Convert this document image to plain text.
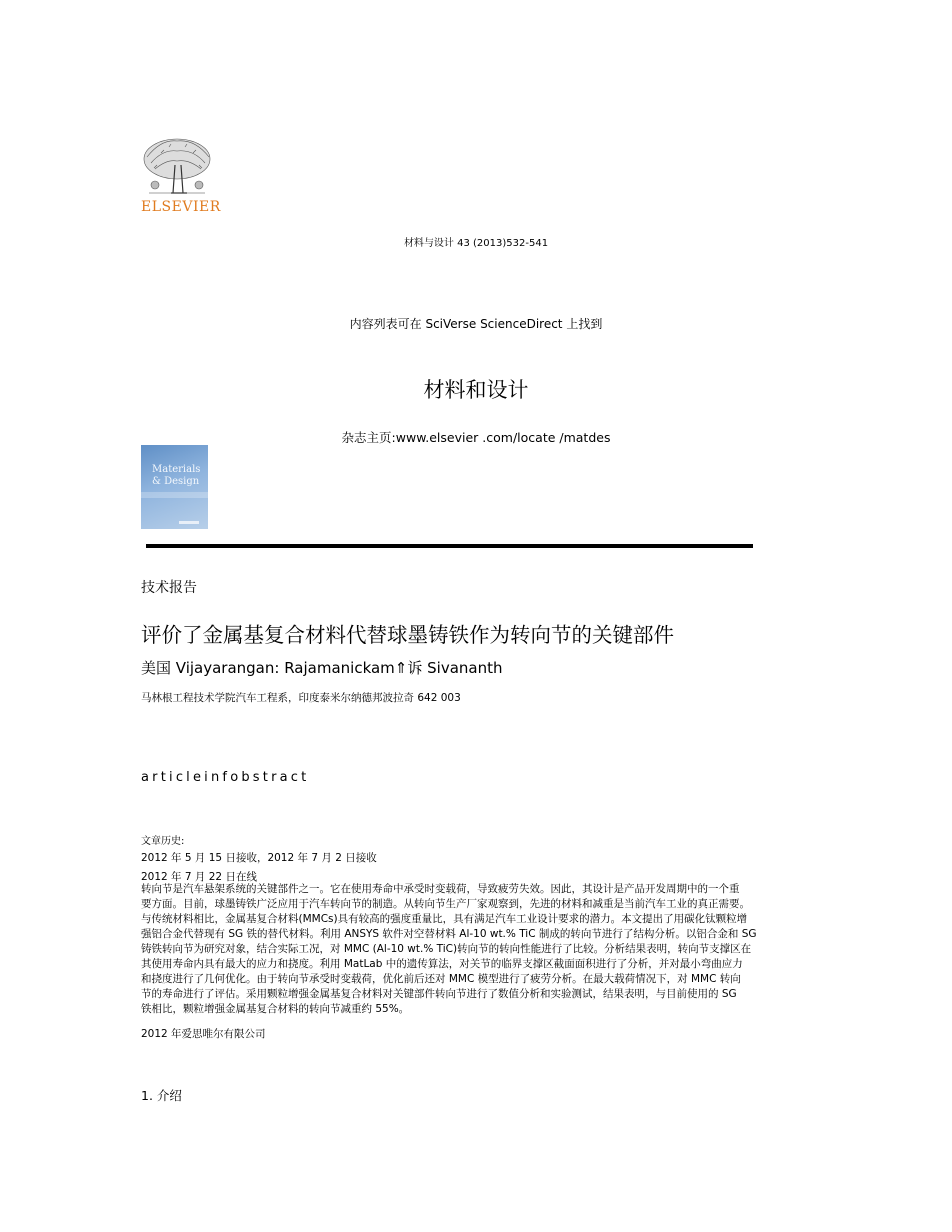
ELSEVIER
材料与设计 43 (2013)532-541
内容列表可在 SciVerse ScienceDirect 上找到
材料和设计
杂志主页:www.elsevier .com/locate /matdes
Materials
& Design
技术报告
评价了金属基复合材料代替球墨铸铁作为转向节的关键部件
美国 Vijayarangan: Rajamanickam⇑诉 Sivananth
马林根工程技术学院汽车工程系，印度泰米尔纳德邦波拉奇 642 003
articleinfobstract
文章历史:
2012 年 5 月 15 日接收，2012 年 7 月 2 日接收
2012 年 7 月 22 日在线
转向节是汽车悬架系统的关键部件之一。它在使用寿命中承受时变载荷，导致疲劳失效。因此，其设计是产品开发周期中的一个重
要方面。目前，球墨铸铁广泛应用于汽车转向节的制造。从转向节生产厂家观察到，先进的材料和减重是当前汽车工业的真正需要。
与传统材料相比，金属基复合材料(MMCs)具有较高的强度重量比，具有满足汽车工业设计要求的潜力。本文提出了用碳化钛颗粒增
强铝合金代替现有 SG 铁的替代材料。利用 ANSYS 软件对空替材料 Al-10 wt.% TiC 制成的转向节进行了结构分析。以铝合金和 SG
铸铁转向节为研究对象，结合实际工况，对 MMC (Al-10 wt.% TiC)转向节的转向性能进行了比较。分析结果表明，转向节支撑区在
其使用寿命内具有最大的应力和挠度。利用 MatLab 中的遗传算法，对关节的临界支撑区截面面积进行了分析，并对最小弯曲应力
和挠度进行了几何优化。由于转向节承受时变载荷，优化前后还对 MMC 模型进行了疲劳分析。在最大载荷情况下，对 MMC 转向
节的寿命进行了评估。采用颗粒增强金属基复合材料对关键部件转向节进行了数值分析和实验测试，结果表明，与目前使用的 SG
铁相比，颗粒增强金属基复合材料的转向节减重约 55%。
2012 年爱思唯尔有限公司
1. 介绍
